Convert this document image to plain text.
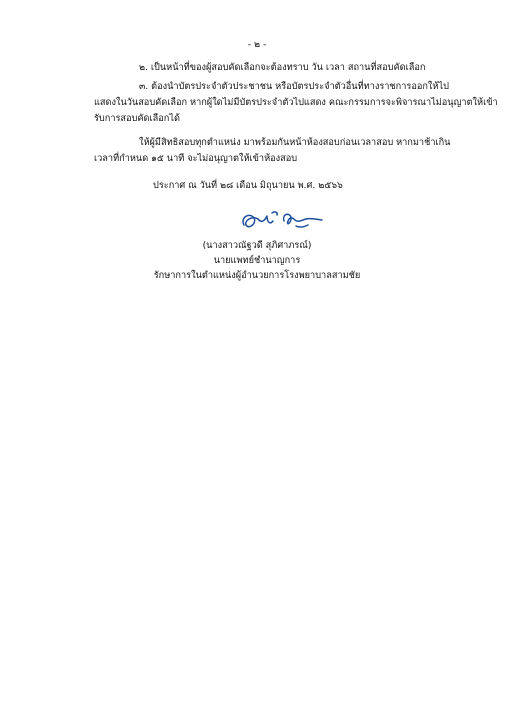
- ๒ -
๒. เป็นหน้าที่ของผู้สอบคัดเลือกจะต้องทราบ วัน เวลา สถานที่สอบคัดเลือก
๓. ต้องนำบัตรประจำตัวประชาชน หรือบัตรประจำตัวอื่นที่ทางราชการออกให้ไป
แสดงในวันสอบคัดเลือก หากผู้ใดไม่มีบัตรประจำตัวไปแสดง คณะกรรมการจะพิจารณาไม่อนุญาตให้เข้า
รับการสอบคัดเลือกได้
ให้ผู้มีสิทธิสอบทุกตำแหน่ง มาพร้อมกันหน้าห้องสอบก่อนเวลาสอบ หากมาช้าเกิน
เวลาที่กำหนด ๑๕ นาที จะไม่อนุญาตให้เข้าห้องสอบ
ประกาศ ณ วันที่ ๒๘ เดือน มิถุนายน พ.ศ. ๒๕๖๖
(นางสาวณัฐวดี สุภิศาภรณ์)
นายแพทย์ชำนาญการ
รักษาการในตำแหน่งผู้อำนวยการโรงพยาบาลสามชัย
